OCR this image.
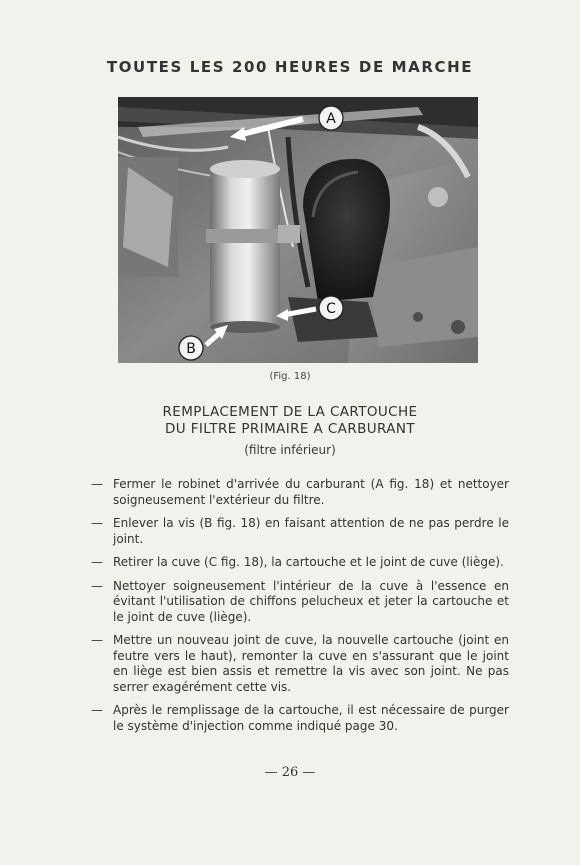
TOUTES LES 200 HEURES DE MARCHE
A
B
C
(Fig. 18)
REMPLACEMENT DE LA CARTOUCHE
DU FILTRE PRIMAIRE A CARBURANT
(filtre inférieur)
— Fermer le robinet d'arrivée du carburant (A fig. 18) et nettoyer soigneusement l'extérieur du filtre.
— Enlever la vis (B fig. 18) en faisant attention de ne pas perdre le joint.
— Retirer la cuve (C fig. 18), la cartouche et le joint de cuve (liège).
— Nettoyer soigneusement l'intérieur de la cuve à l'essence en évitant l'utilisation de chiffons pelucheux et jeter la cartouche et le joint de cuve (liège).
— Mettre un nouveau joint de cuve, la nouvelle cartouche (joint en feutre vers le haut), remonter la cuve en s'assurant que le joint en liège est bien assis et remettre la vis avec son joint. Ne pas serrer exagérément cette vis.
— Après le remplissage de la cartouche, il est nécessaire de purger le système d'injection comme indiqué page 30.
— 26 —
